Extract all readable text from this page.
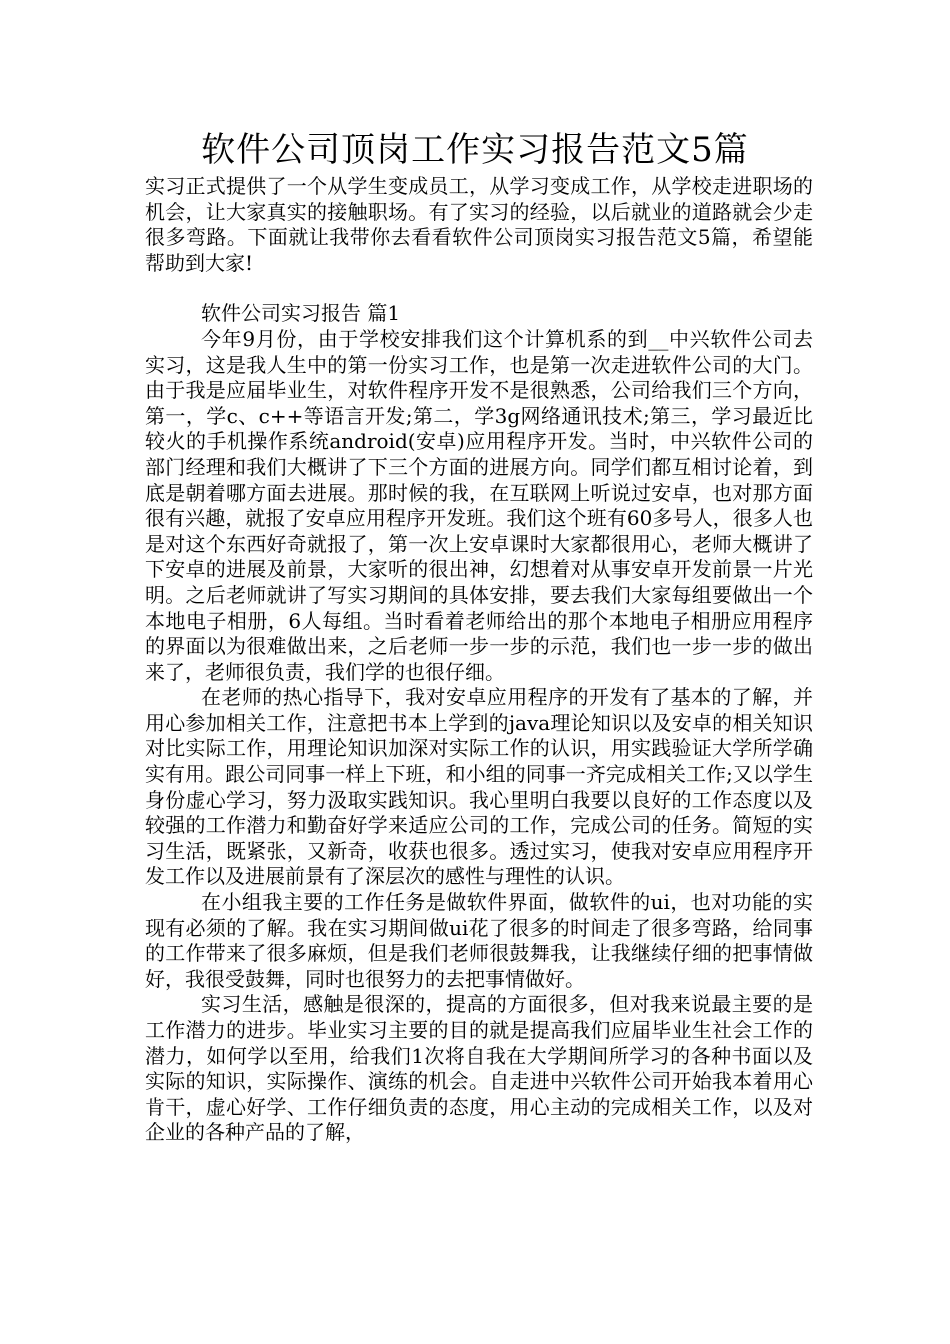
软件公司顶岗工作实习报告范文5篇

实习正式提供了一个从学生变成员工，从学习变成工作，从学校走进职场的机会，让大家真实的接触职场。有了实习的经验，以后就业的道路就会少走很多弯路。下面就让我带你去看看软件公司顶岗实习报告范文5篇，希望能帮助到大家!

软件公司实习报告 篇1

今年9月份，由于学校安排我们这个计算机系的到__中兴软件公司去实习，这是我人生中的第一份实习工作，也是第一次走进软件公司的大门。由于我是应届毕业生，对软件程序开发不是很熟悉，公司给我们三个方向，第一，学c、c++等语言开发;第二，学3g网络通讯技术;第三，学习最近比较火的手机操作系统android(安卓)应用程序开发。当时，中兴软件公司的部门经理和我们大概讲了下三个方面的进展方向。同学们都互相讨论着，到底是朝着哪方面去进展。那时候的我，在互联网上听说过安卓，也对那方面很有兴趣，就报了安卓应用程序开发班。我们这个班有60多号人，很多人也是对这个东西好奇就报了，第一次上安卓课时大家都很用心，老师大概讲了下安卓的进展及前景，大家听的很出神，幻想着对从事安卓开发前景一片光明。之后老师就讲了写实习期间的具体安排，要去我们大家每组要做出一个本地电子相册，6人每组。当时看着老师给出的那个本地电子相册应用程序的界面以为很难做出来，之后老师一步一步的示范，我们也一步一步的做出来了，老师很负责，我们学的也很仔细。

在老师的热心指导下，我对安卓应用程序的开发有了基本的了解，并用心参加相关工作，注意把书本上学到的java理论知识以及安卓的相关知识对比实际工作，用理论知识加深对实际工作的认识，用实践验证大学所学确实有用。跟公司同事一样上下班，和小组的同事一齐完成相关工作;又以学生身份虚心学习，努力汲取实践知识。我心里明白我要以良好的工作态度以及较强的工作潜力和勤奋好学来适应公司的工作，完成公司的任务。简短的实习生活，既紧张，又新奇，收获也很多。透过实习，使我对安卓应用程序开发工作以及进展前景有了深层次的感性与理性的认识。

在小组我主要的工作任务是做软件界面，做软件的ui，也对功能的实现有必须的了解。我在实习期间做ui花了很多的时间走了很多弯路，给同事的工作带来了很多麻烦，但是我们老师很鼓舞我，让我继续仔细的把事情做好，我很受鼓舞，同时也很努力的去把事情做好。

实习生活，感触是很深的，提高的方面很多，但对我来说最主要的是工作潜力的进步。毕业实习主要的目的就是提高我们应届毕业生社会工作的潜力，如何学以至用，给我们1次将自我在大学期间所学习的各种书面以及实际的知识，实际操作、演练的机会。自走进中兴软件公司开始我本着用心肯干，虚心好学、工作仔细负责的态度，用心主动的完成相关工作，以及对企业的各种产品的了解，
